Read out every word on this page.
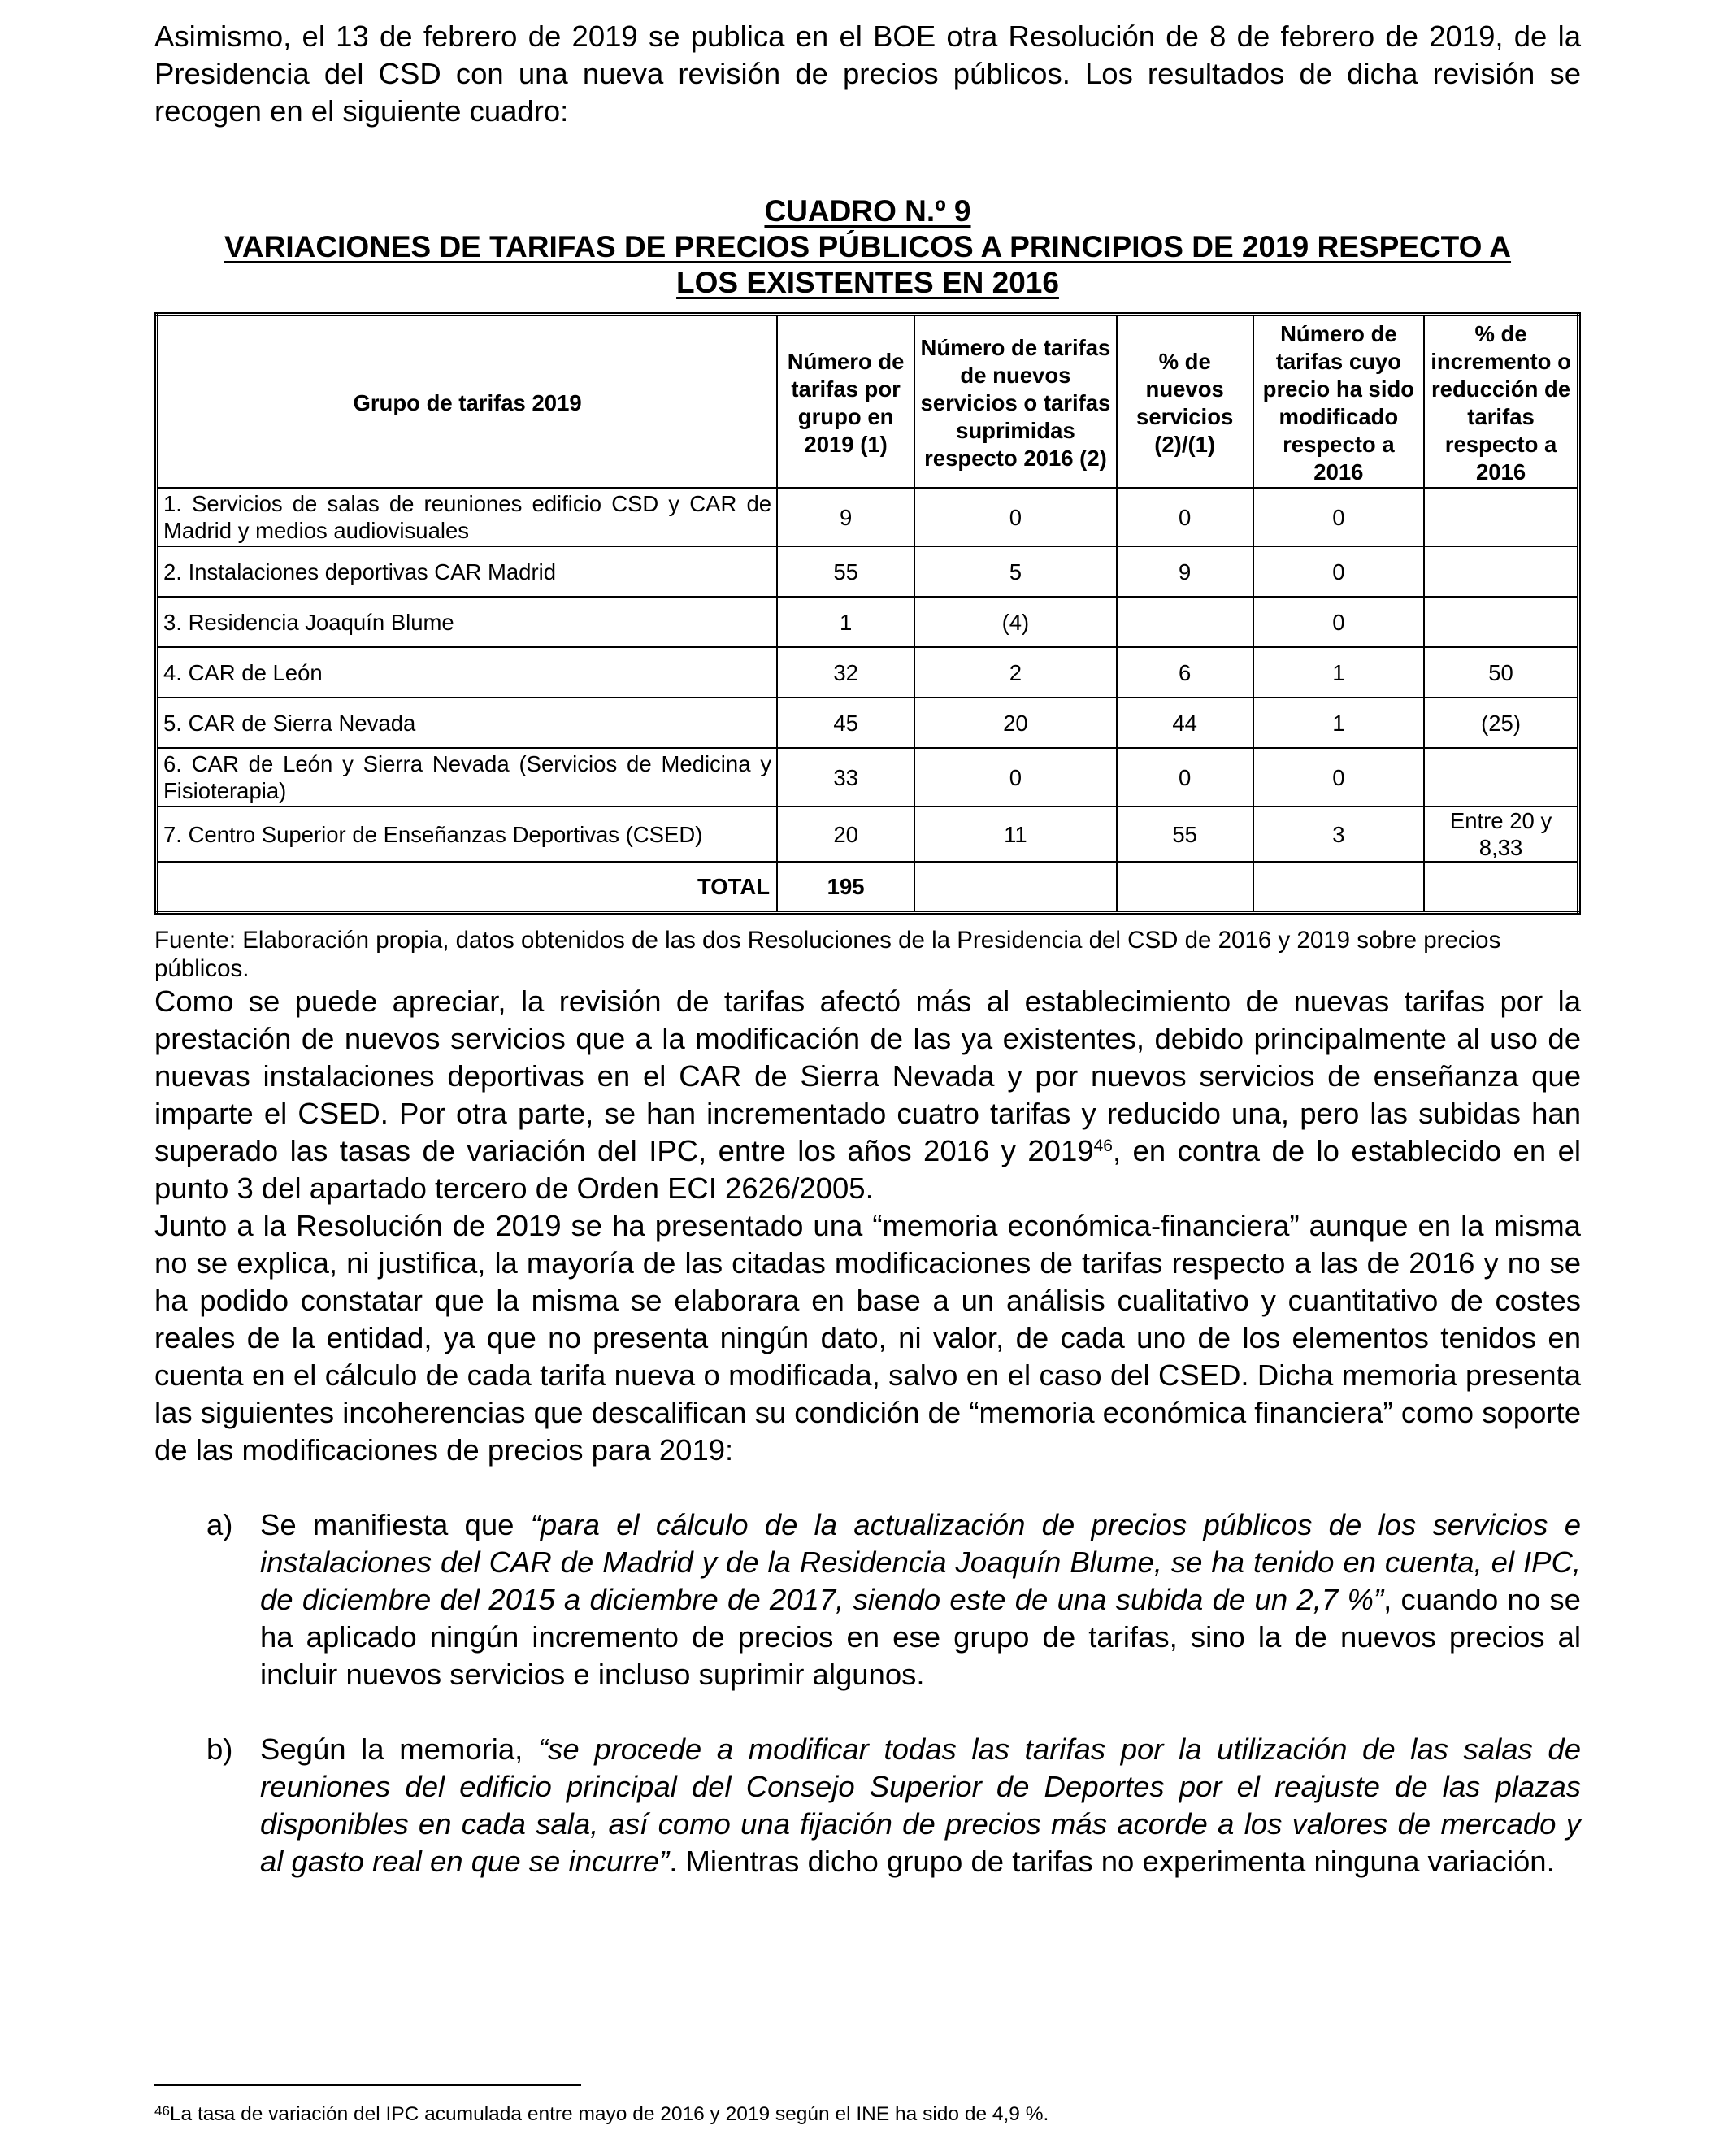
Asimismo, el 13 de febrero de 2019 se publica en el BOE otra Resolución de 8 de febrero de 2019, de la Presidencia del CSD con una nueva revisión de precios públicos. Los resultados de dicha revisión se recogen en el siguiente cuadro:

CUADRO N.º 9
VARIACIONES DE TARIFAS DE PRECIOS PÚBLICOS A PRINCIPIOS DE 2019 RESPECTO A
LOS EXISTENTES EN 2016
Grupo de tarifas 2019	Número de tarifas por grupo en 2019 (1)	Número de tarifas de nuevos servicios o tarifas suprimidas respecto 2016 (2)	% de nuevos servicios (2)/(1)	Número de tarifas cuyo precio ha sido modificado respecto a 2016	% de incremento o reducción de tarifas respecto a 2016
1. Servicios de salas de reuniones edificio CSD y CAR de Madrid y medios audiovisuales	9	0	0	0	
2. Instalaciones deportivas CAR Madrid	55	5	9	0	
3. Residencia Joaquín Blume	1	(4)		0	
4. CAR de León	32	2	6	1	50
5. CAR de Sierra Nevada	45	20	44	1	(25)
6. CAR de León y Sierra Nevada (Servicios de Medicina y Fisioterapia)	33	0	0	0	
7. Centro Superior de Enseñanzas Deportivas (CSED)	20	11	55	3	Entre 20 y 8,33
TOTAL	195				
Fuente: Elaboración propia, datos obtenidos de las dos Resoluciones de la Presidencia del CSD de 2016 y 2019 sobre precios públicos.

Como se puede apreciar, la revisión de tarifas afectó más al establecimiento de nuevas tarifas por la prestación de nuevos servicios que a la modificación de las ya existentes, debido principalmente al uso de nuevas instalaciones deportivas en el CAR de Sierra Nevada y por nuevos servicios de enseñanza que imparte el CSED. Por otra parte, se han incrementado cuatro tarifas y reducido una, pero las subidas han superado las tasas de variación del IPC, entre los años 2016 y 2019$^{46}$, en contra de lo establecido en el punto 3 del apartado tercero de Orden ECI 2626/2005.

Junto a la Resolución de 2019 se ha presentado una “memoria económica-financiera” aunque en la misma no se explica, ni justifica, la mayoría de las citadas modificaciones de tarifas respecto a las de 2016 y no se ha podido constatar que la misma se elaborara en base a un análisis cualitativo y cuantitativo de costes reales de la entidad, ya que no presenta ningún dato, ni valor, de cada uno de los elementos tenidos en cuenta en el cálculo de cada tarifa nueva o modificada, salvo en el caso del CSED. Dicha memoria presenta las siguientes incoherencias que descalifican su condición de “memoria económica financiera” como soporte de las modificaciones de precios para 2019:

a) Se manifiesta que “para el cálculo de la actualización de precios públicos de los servicios e instalaciones del CAR de Madrid y de la Residencia Joaquín Blume, se ha tenido en cuenta, el IPC, de diciembre del 2015 a diciembre de 2017, siendo este de una subida de un 2,7 %”, cuando no se ha aplicado ningún incremento de precios en ese grupo de tarifas, sino la de nuevos precios al incluir nuevos servicios e incluso suprimir algunos.
b) Según la memoria, “se procede a modificar todas las tarifas por la utilización de las salas de reuniones del edificio principal del Consejo Superior de Deportes por el reajuste de las plazas disponibles en cada sala, así como una fijación de precios más acorde a los valores de mercado y al gasto real en que se incurre”. Mientras dicho grupo de tarifas no experimenta ninguna variación.
$^{46}$La tasa de variación del IPC acumulada entre mayo de 2016 y 2019 según el INE ha sido de 4,9 %.
